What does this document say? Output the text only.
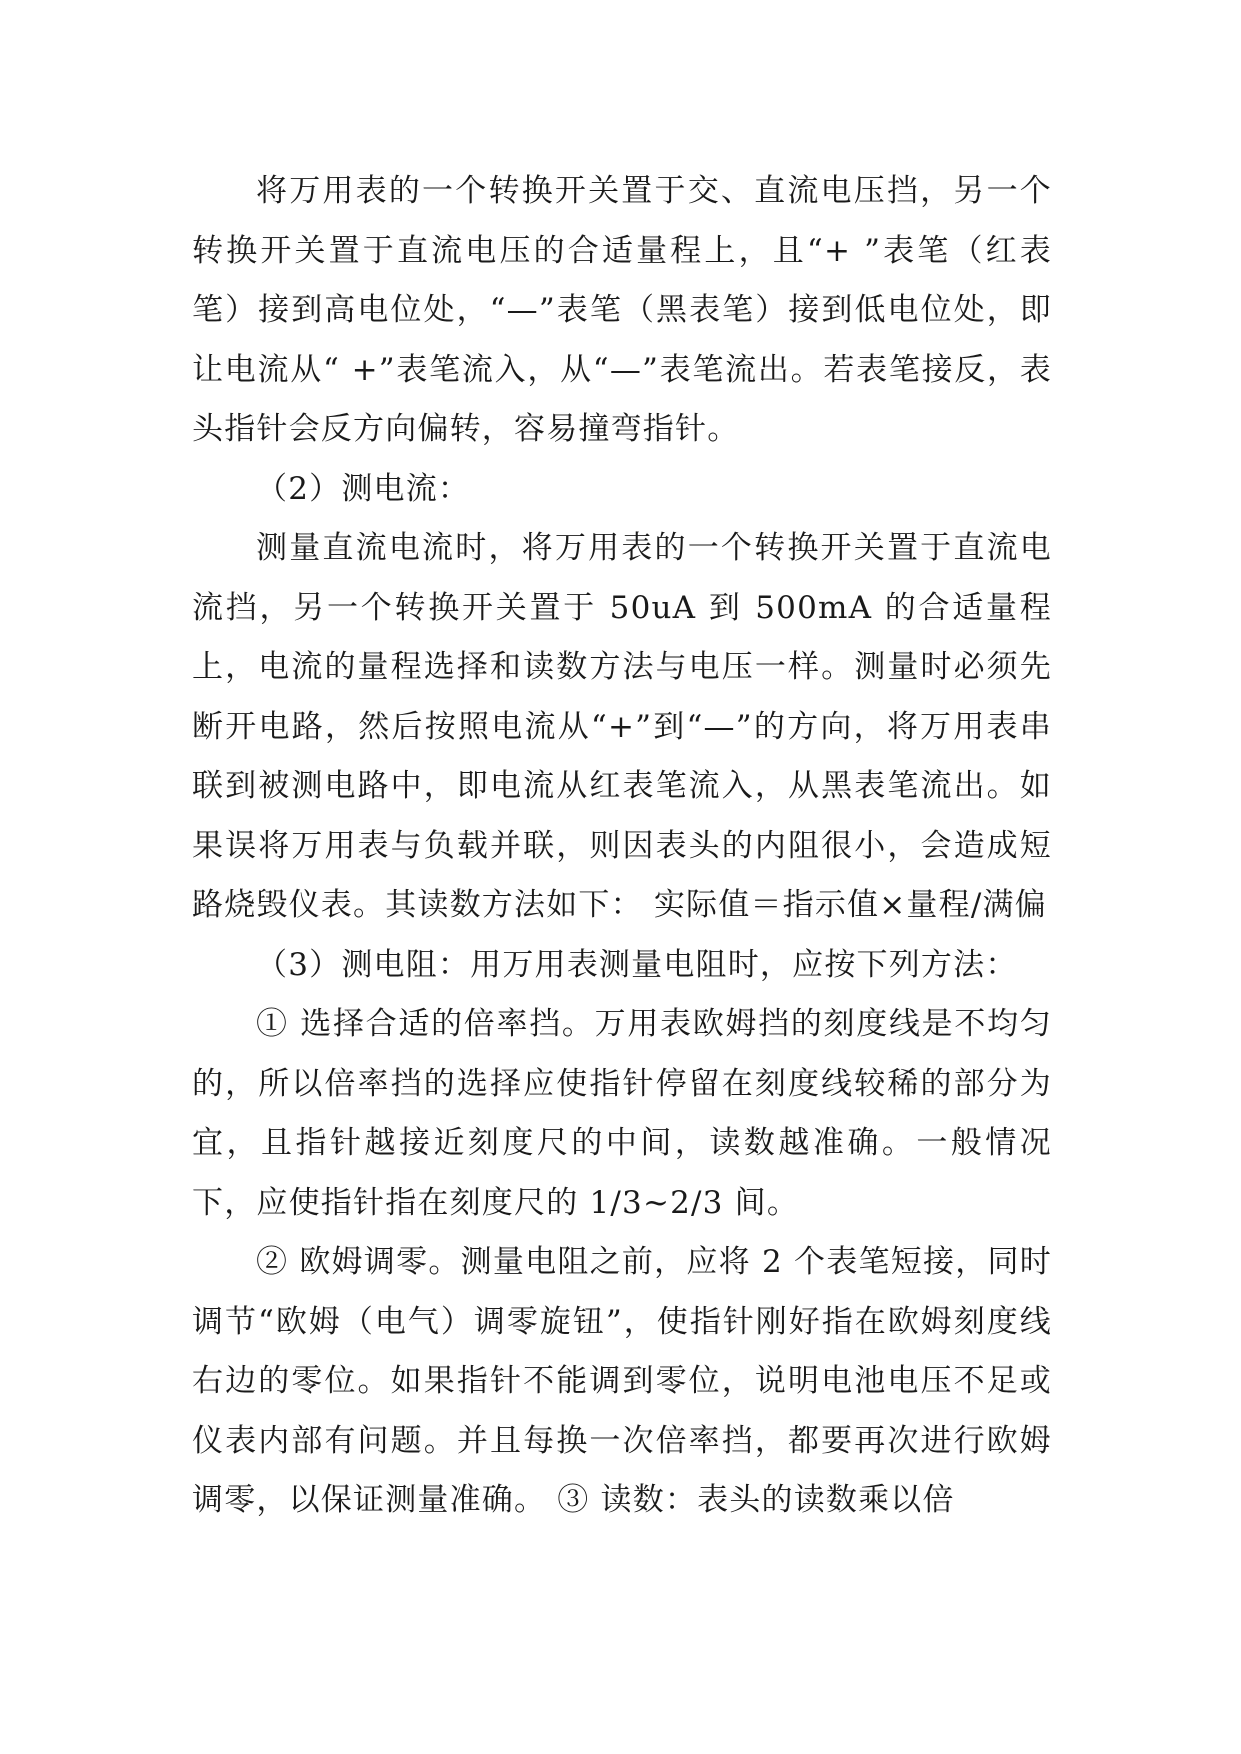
将万用表的一个转换开关置于交、直流电压挡，另一个转换开关置于直流电压的合适量程上，且“+ ”表笔（红表笔）接到高电位处，“—”表笔（黑表笔）接到低电位处，即让电流从“ +”表笔流入，从“—”表笔流出。若表笔接反，表头指针会反方向偏转，容易撞弯指针。

（2）测电流：

测量直流电流时，将万用表的一个转换开关置于直流电流挡，另一个转换开关置于 50uA 到 500mA 的合适量程上，电流的量程选择和读数方法与电压一样。测量时必须先断开电路，然后按照电流从“+”到“—”的方向，将万用表串联到被测电路中，即电流从红表笔流入，从黑表笔流出。如果误将万用表与负载并联，则因表头的内阻很小，会造成短路烧毁仪表。其读数方法如下： 实际值＝指示值×量程/满偏

（3）测电阻：用万用表测量电阻时，应按下列方法：

① 选择合适的倍率挡。万用表欧姆挡的刻度线是不均匀的，所以倍率挡的选择应使指针停留在刻度线较稀的部分为宜，且指针越接近刻度尺的中间，读数越准确。一般情况下，应使指针指在刻度尺的 1/3~2/3 间。

② 欧姆调零。测量电阻之前，应将 2 个表笔短接，同时调节“欧姆（电气）调零旋钮”，使指针刚好指在欧姆刻度线右边的零位。如果指针不能调到零位，说明电池电压不足或仪表内部有问题。并且每换一次倍率挡，都要再次进行欧姆调零，以保证测量准确。 ③ 读数：表头的读数乘以倍
